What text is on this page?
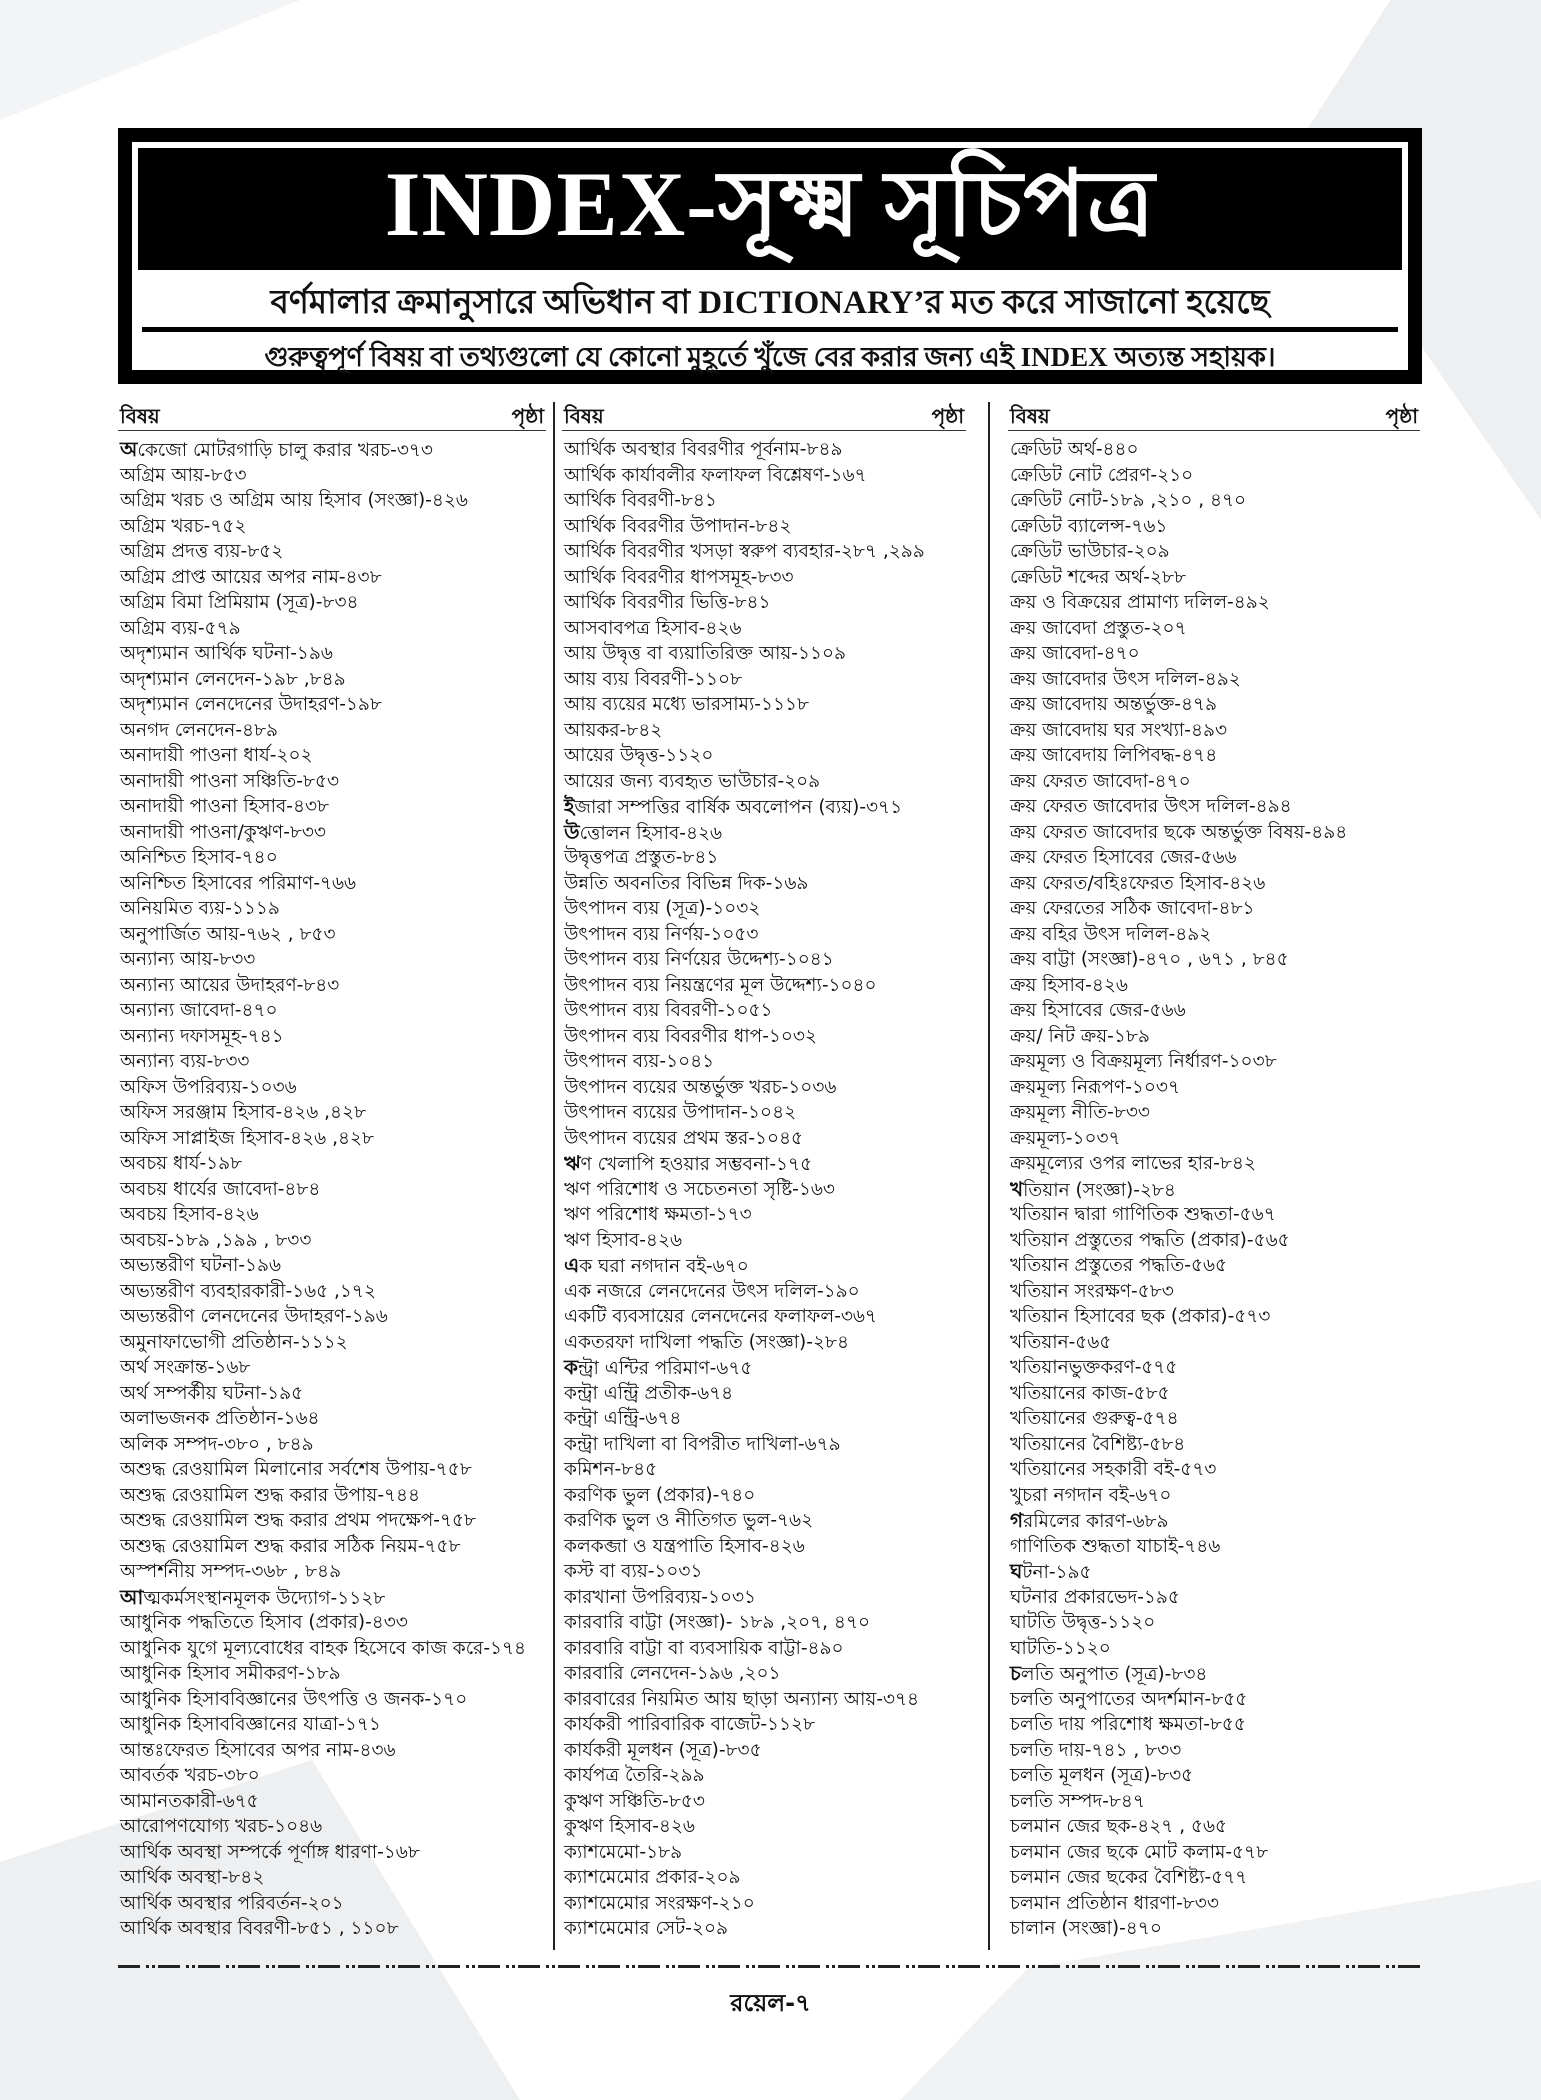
INDEX-সূক্ষ্ম সূচিপত্র
বর্ণমালার ক্রমানুসারে অভিধান বা DICTIONARY’র মত করে সাজানো হয়েছে
গুরুত্বপূর্ণ বিষয় বা তথ্যগুলো যে কোনো মুহূর্তে খুঁজে বের করার জন্য এই INDEX অত্যন্ত সহায়ক।
বিষয়	পৃষ্ঠা
অকেজো মোটরগাড়ি চালু করার খরচ-৩৭৩
অগ্রিম আয়-৮৫৩
অগ্রিম খরচ ও অগ্রিম আয় হিসাব (সংজ্ঞা)-৪২৬
অগ্রিম খরচ-৭৫২
অগ্রিম প্রদত্ত ব্যয়-৮৫২
অগ্রিম প্রাপ্ত আয়ের অপর নাম-৪৩৮
অগ্রিম বিমা প্রিমিয়াম (সূত্র)-৮৩৪
অগ্রিম ব্যয়-৫৭৯
অদৃশ্যমান আর্থিক ঘটনা-১৯৬
অদৃশ্যমান লেনদেন-১৯৮ ,৮৪৯
অদৃশ্যমান লেনদেনের উদাহরণ-১৯৮
অনগদ লেনদেন-৪৮৯
অনাদায়ী পাওনা ধার্য-২০২
অনাদায়ী পাওনা সঞ্চিতি-৮৫৩
অনাদায়ী পাওনা হিসাব-৪৩৮
অনাদায়ী পাওনা/কুঋণ-৮৩৩
অনিশ্চিত হিসাব-৭৪০
অনিশ্চিত হিসাবের পরিমাণ-৭৬৬
অনিয়মিত ব্যয়-১১১৯
অনুপার্জিত আয়-৭৬২ , ৮৫৩
অন্যান্য আয়-৮৩৩
অন্যান্য আয়ের উদাহরণ-৮৪৩
অন্যান্য জাবেদা-৪৭০
অন্যান্য দফাসমূহ-৭৪১
অন্যান্য ব্যয়-৮৩৩
অফিস উপরিব্যয়-১০৩৬
অফিস সরঞ্জাম হিসাব-৪২৬ ,৪২৮
অফিস সাপ্লাইজ হিসাব-৪২৬ ,৪২৮
অবচয় ধার্য-১৯৮
অবচয় ধার্যের জাবেদা-৪৮৪
অবচয় হিসাব-৪২৬
অবচয়-১৮৯ ,১৯৯ , ৮৩৩
অভ্যন্তরীণ ঘটনা-১৯৬
অভ্যন্তরীণ ব্যবহারকারী-১৬৫ ,১৭২
অভ্যন্তরীণ লেনদেনের উদাহরণ-১৯৬
অমুনাফাভোগী প্রতিষ্ঠান-১১১২
অর্থ সংক্রান্ত-১৬৮
অর্থ সম্পর্কীয় ঘটনা-১৯৫
অলাভজনক প্রতিষ্ঠান-১৬৪
অলিক সম্পদ-৩৮০ , ৮৪৯
অশুদ্ধ রেওয়ামিল মিলানোর সর্বশেষ উপায়-৭৫৮
অশুদ্ধ রেওয়ামিল শুদ্ধ করার উপায়-৭৪৪
অশুদ্ধ রেওয়ামিল শুদ্ধ করার প্রথম পদক্ষেপ-৭৫৮
অশুদ্ধ রেওয়ামিল শুদ্ধ করার সঠিক নিয়ম-৭৫৮
অস্পর্শনীয় সম্পদ-৩৬৮ , ৮৪৯
আত্মকর্মসংস্থানমূলক উদ্যোগ-১১২৮
আধুনিক পদ্ধতিতে হিসাব (প্রকার)-৪৩৩
আধুনিক যুগে মূল্যবোধের বাহক হিসেবে কাজ করে-১৭৪
আধুনিক হিসাব সমীকরণ-১৮৯
আধুনিক হিসাববিজ্ঞানের উৎপত্তি ও জনক-১৭০
আধুনিক হিসাববিজ্ঞানের যাত্রা-১৭১
আন্তঃফেরত হিসাবের অপর নাম-৪৩৬
আবর্তক খরচ-৩৮০
আমানতকারী-৬৭৫
আরোপণযোগ্য খরচ-১০৪৬
আর্থিক অবস্থা সম্পর্কে পূর্ণাঙ্গ ধারণা-১৬৮
আর্থিক অবস্থা-৮৪২
আর্থিক অবস্থার পরিবর্তন-২০১
আর্থিক অবস্থার বিবরণী-৮৫১ , ১১০৮
বিষয়	পৃষ্ঠা
আর্থিক অবস্থার বিবরণীর পূর্বনাম-৮৪৯
আর্থিক কার্যাবলীর ফলাফল বিশ্লেষণ-১৬৭
আর্থিক বিবরণী-৮৪১
আর্থিক বিবরণীর উপাদান-৮৪২
আর্থিক বিবরণীর খসড়া স্বরুপ ব্যবহার-২৮৭ ,২৯৯
আর্থিক বিবরণীর ধাপসমূহ-৮৩৩
আর্থিক বিবরণীর ভিত্তি-৮৪১
আসবাবপত্র হিসাব-৪২৬
আয় উদ্বৃত্ত বা ব্যয়াতিরিক্ত আয়-১১০৯
আয় ব্যয় বিবরণী-১১০৮
আয় ব্যয়ের মধ্যে ভারসাম্য-১১১৮
আয়কর-৮৪২
আয়ের উদ্বৃত্ত-১১২০
আয়ের জন্য ব্যবহৃত ভাউচার-২০৯
ইজারা সম্পত্তির বার্ষিক অবলোপন (ব্যয়)-৩৭১
উত্তোলন হিসাব-৪২৬
উদ্বৃত্তপত্র প্রস্তুত-৮৪১
উন্নতি অবনতির বিভিন্ন দিক-১৬৯
উৎপাদন ব্যয় (সূত্র)-১০৩২
উৎপাদন ব্যয় নির্ণয়-১০৫৩
উৎপাদন ব্যয় নির্ণয়ের উদ্দেশ্য-১০৪১
উৎপাদন ব্যয় নিয়ন্ত্রণের মূল উদ্দেশ্য-১০৪০
উৎপাদন ব্যয় বিবরণী-১০৫১
উৎপাদন ব্যয় বিবরণীর ধাপ-১০৩২
উৎপাদন ব্যয়-১০৪১
উৎপাদন ব্যয়ের অন্তর্ভুক্ত খরচ-১০৩৬
উৎপাদন ব্যয়ের উপাদান-১০৪২
উৎপাদন ব্যয়ের প্রথম স্তর-১০৪৫
ঋণ খেলাপি হওয়ার সম্ভবনা-১৭৫
ঋণ পরিশোধ ও সচেতনতা সৃষ্টি-১৬৩
ঋণ পরিশোধ ক্ষমতা-১৭৩
ঋণ হিসাব-৪২৬
এক ঘরা নগদান বই-৬৭০
এক নজরে লেনদেনের উৎস দলিল-১৯০
একটি ব্যবসায়ের লেনদেনের ফলাফল-৩৬৭
একতরফা দাখিলা পদ্ধতি (সংজ্ঞা)-২৮৪
কন্ট্রা এন্টির পরিমাণ-৬৭৫
কন্ট্রা এন্ট্রি প্রতীক-৬৭৪
কন্ট্রা এন্ট্রি-৬৭৪
কন্ট্রা দাখিলা বা বিপরীত দাখিলা-৬৭৯
কমিশন-৮৪৫
করণিক ভুল (প্রকার)-৭৪০
করণিক ভুল ও নীতিগত ভুল-৭৬২
কলকব্জা ও যন্ত্রপাতি হিসাব-৪২৬
কস্ট বা ব্যয়-১০৩১
কারখানা উপরিব্যয়-১০৩১
কারবারি বাট্টা (সংজ্ঞা)- ১৮৯ ,২০৭, ৪৭০
কারবারি বাট্টা বা ব্যবসায়িক বাট্টা-৪৯০
কারবারি লেনদেন-১৯৬ ,২০১
কারবারের নিয়মিত আয় ছাড়া অন্যান্য আয়-৩৭৪
কার্যকরী পারিবারিক বাজেট-১১২৮
কার্যকরী মূলধন (সূত্র)-৮৩৫
কার্যপত্র তৈরি-২৯৯
কুঋণ সঞ্চিতি-৮৫৩
কুঋণ হিসাব-৪২৬
ক্যাশমেমো-১৮৯
ক্যাশমেমোর প্রকার-২০৯
ক্যাশমেমোর সংরক্ষণ-২১০
ক্যাশমেমোর সেট-২০৯
বিষয়	পৃষ্ঠা
ক্রেডিট অর্থ-৪৪০
ক্রেডিট নোট প্রেরণ-২১০
ক্রেডিট নোট-১৮৯ ,২১০ , ৪৭০
ক্রেডিট ব্যালেন্স-৭৬১
ক্রেডিট ভাউচার-২০৯
ক্রেডিট শব্দের অর্থ-২৮৮
ক্রয় ও বিক্রয়ের প্রামাণ্য দলিল-৪৯২
ক্রয় জাবেদা প্রস্তুত-২০৭
ক্রয় জাবেদা-৪৭০
ক্রয় জাবেদার উৎস দলিল-৪৯২
ক্রয় জাবেদায় অন্তর্ভুক্ত-৪৭৯
ক্রয় জাবেদায় ঘর সংখ্যা-৪৯৩
ক্রয় জাবেদায় লিপিবদ্ধ-৪৭৪
ক্রয় ফেরত জাবেদা-৪৭০
ক্রয় ফেরত জাবেদার উৎস দলিল-৪৯৪
ক্রয় ফেরত জাবেদার ছকে অন্তর্ভুক্ত বিষয়-৪৯৪
ক্রয় ফেরত হিসাবের জের-৫৬৬
ক্রয় ফেরত/বহিঃফেরত হিসাব-৪২৬
ক্রয় ফেরতের সঠিক জাবেদা-৪৮১
ক্রয় বহির উৎস দলিল-৪৯২
ক্রয় বাট্টা (সংজ্ঞা)-৪৭০ , ৬৭১ , ৮৪৫
ক্রয় হিসাব-৪২৬
ক্রয় হিসাবের জের-৫৬৬
ক্রয়/ নিট ক্রয়-১৮৯
ক্রয়মূল্য ও বিক্রয়মূল্য নির্ধারণ-১০৩৮
ক্রয়মূল্য নিরূপণ-১০৩৭
ক্রয়মূল্য নীতি-৮৩৩
ক্রয়মূল্য-১০৩৭
ক্রয়মূল্যের ওপর লাভের হার-৮৪২
খতিয়ান (সংজ্ঞা)-২৮৪
খতিয়ান দ্বারা গাণিতিক শুদ্ধতা-৫৬৭
খতিয়ান প্রস্তুতের পদ্ধতি (প্রকার)-৫৬৫
খতিয়ান প্রস্তুতের পদ্ধতি-৫৬৫
খতিয়ান সংরক্ষণ-৫৮৩
খতিয়ান হিসাবের ছক (প্রকার)-৫৭৩
খতিয়ান-৫৬৫
খতিয়ানভুক্তকরণ-৫৭৫
খতিয়ানের কাজ-৫৮৫
খতিয়ানের গুরুত্ব-৫৭৪
খতিয়ানের বৈশিষ্ট্য-৫৮৪
খতিয়ানের সহকারী বই-৫৭৩
খুচরা নগদান বই-৬৭০
গরমিলের কারণ-৬৮৯
গাণিতিক শুদ্ধতা যাচাই-৭৪৬
ঘটনা-১৯৫
ঘটনার প্রকারভেদ-১৯৫
ঘাটতি উদ্বৃত্ত-১১২০
ঘাটতি-১১২০
চলতি অনুপাত (সূত্র)-৮৩৪
চলতি অনুপাতের অদর্শমান-৮৫৫
চলতি দায় পরিশোধ ক্ষমতা-৮৫৫
চলতি দায়-৭৪১ , ৮৩৩
চলতি মূলধন (সূত্র)-৮৩৫
চলতি সম্পদ-৮৪৭
চলমান জের ছক-৪২৭ , ৫৬৫
চলমান জের ছকে মোট কলাম-৫৭৮
চলমান জের ছকের বৈশিষ্ট্য-৫৭৭
চলমান প্রতিষ্ঠান ধারণা-৮৩৩
চালান (সংজ্ঞা)-৪৭০
রয়েল-৭
